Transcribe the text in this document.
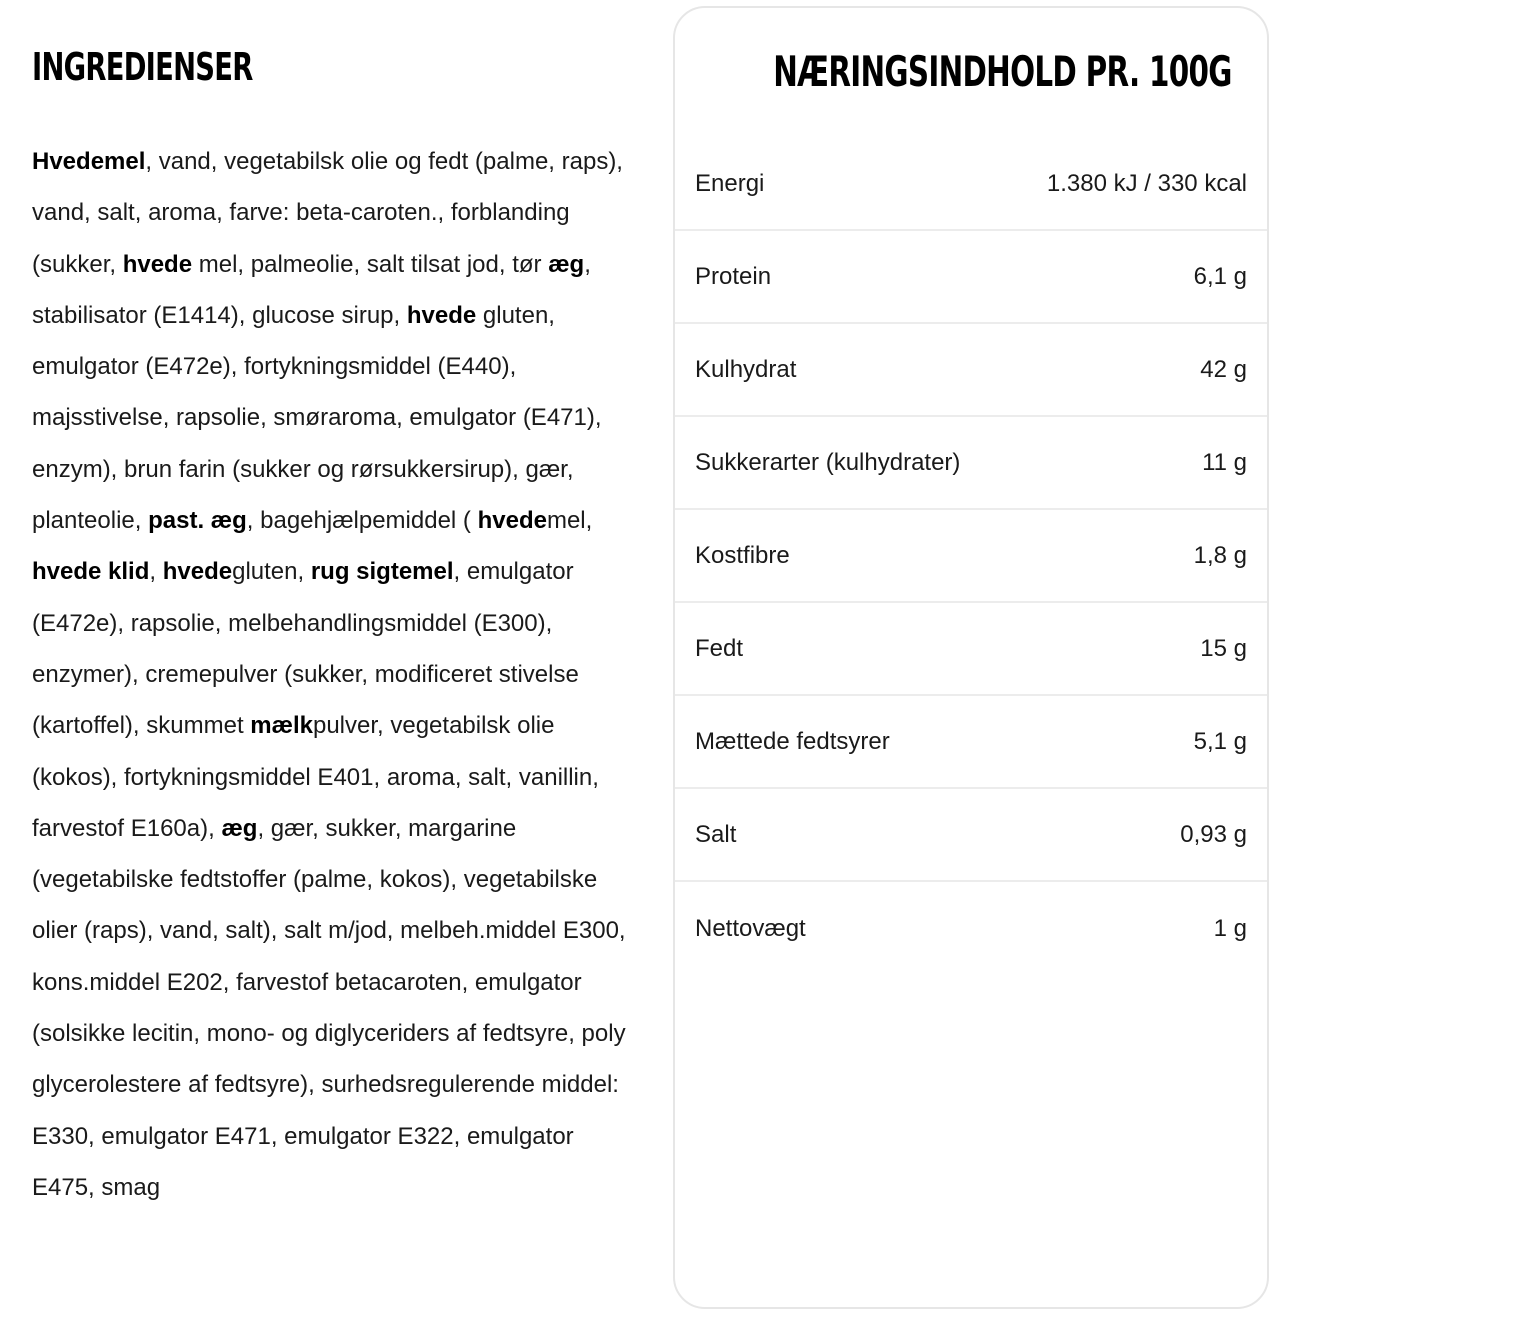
INGREDIENSER
Hvedemel, vand, vegetabilsk olie og fedt (palme, raps), vand, salt, aroma, farve: beta-caroten., forblanding (sukker, hvede mel, palmeolie, salt tilsat jod, tør æg, stabilisator (E1414), glucose sirup, hvede gluten, emulgator (E472e), fortykningsmiddel (E440), majsstivelse, rapsolie, smøraroma, emulgator (E471), enzym), brun farin (sukker og rørsukkersirup), gær, planteolie, past. æg, bagehjælpemiddel ( hvedemel, hvede klid, hvedegluten, rug sigtemel, emulgator (E472e), rapsolie, melbehandlingsmiddel (E300), enzymer), cremepulver (sukker, modificeret stivelse (kartoffel), skummet mælkpulver, vegetabilsk olie (kokos), fortykningsmiddel E401, aroma, salt, vanillin, farvestof E160a), æg, gær, sukker, margarine (vegetabilske fedtstoffer (palme, kokos), vegetabilske olier (raps), vand, salt), salt m/jod, melbeh.middel E300, kons.middel E202, farvestof betacaroten, emulgator (solsikke lecitin, mono- og diglyceriders af fedtsyre, poly glycerolestere af fedtsyre), surhedsregulerende middel: E330, emulgator E471, emulgator E322, emulgator E475, smag
NÆRINGSINDHOLD PR. 100G
Energi	1.380 kJ / 330 kcal
Protein	6,1 g
Kulhydrat	42 g
Sukkerarter (kulhydrater)	11 g
Kostfibre	1,8 g
Fedt	15 g
Mættede fedtsyrer	5,1 g
Salt	0,93 g
Nettovægt	1 g
